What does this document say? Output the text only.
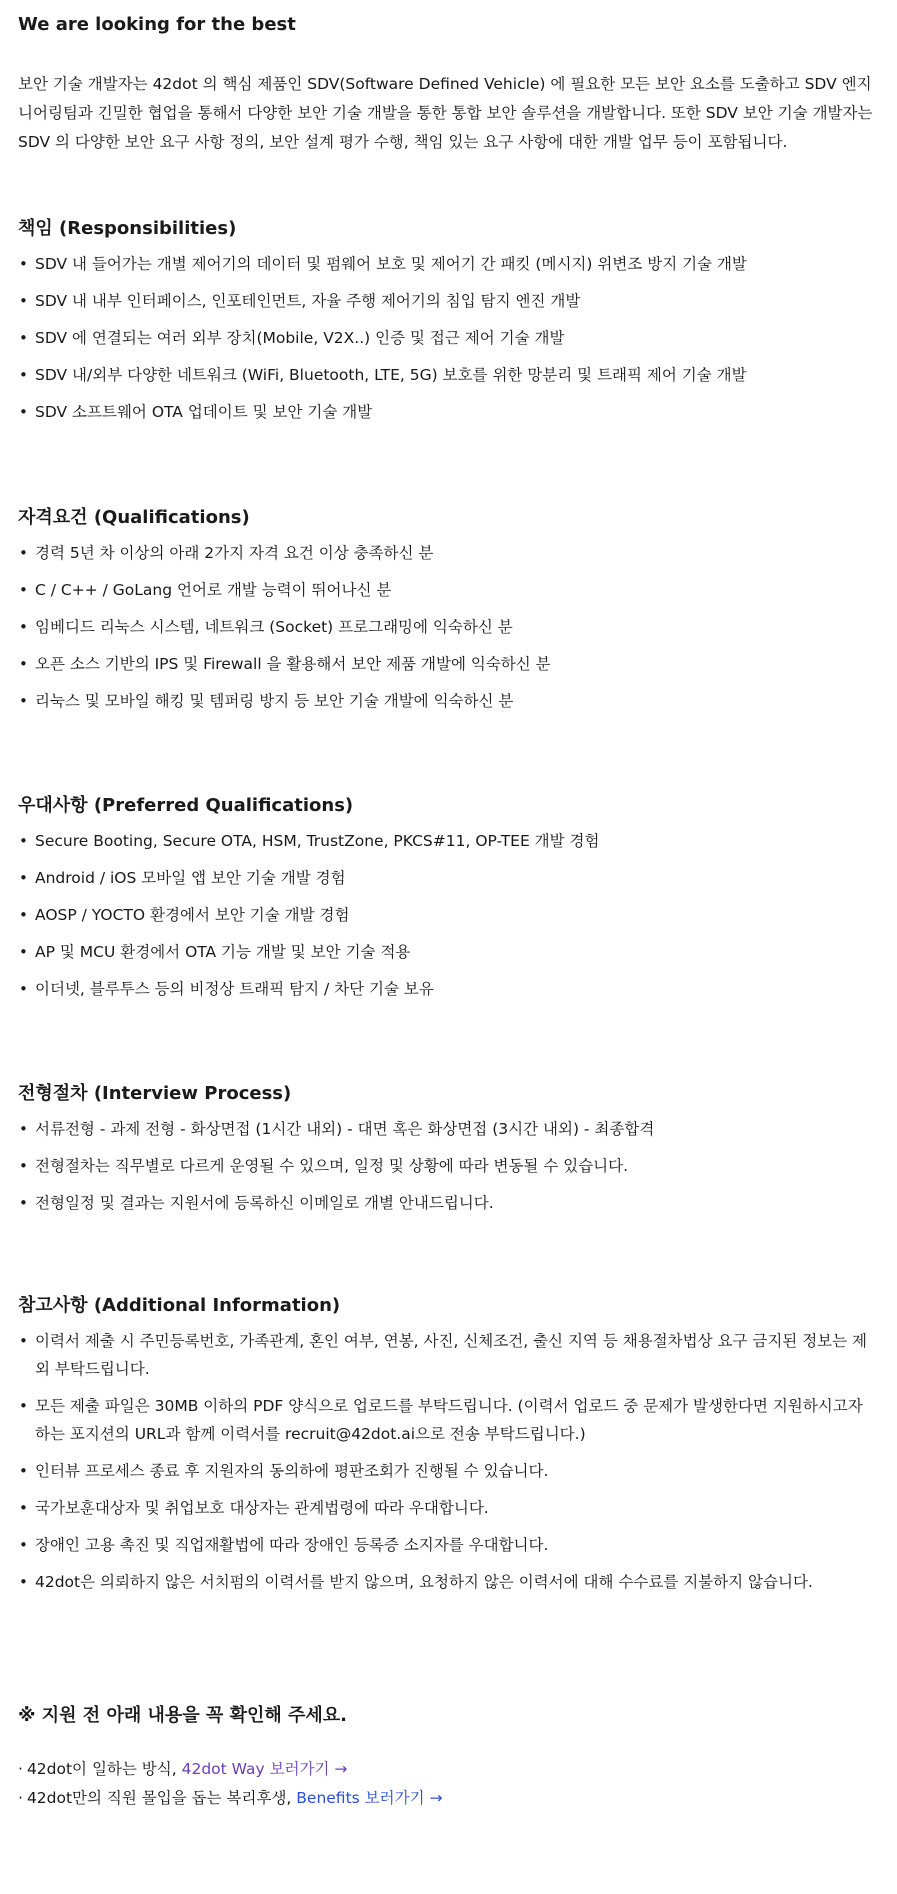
We are looking for the best

보안 기술 개발자는 42dot 의 핵심 제품인 SDV(Software Defined Vehicle) 에 필요한 모든 보안 요소를 도출하고 SDV 엔지니어링팀과 긴밀한 협업을 통해서 다양한 보안 기술 개발을 통한 통합 보안 솔루션을 개발합니다. 또한 SDV 보안 기술 개발자는 SDV 의 다양한 보안 요구 사항 정의, 보안 설계 평가 수행, 책임 있는 요구 사항에 대한 개발 업무 등이 포함됩니다.

책임 (Responsibilities)
• SDV 내 들어가는 개별 제어기의 데이터 및 펌웨어 보호 및 제어기 간 패킷 (메시지) 위변조 방지 기술 개발
• SDV 내 내부 인터페이스, 인포테인먼트, 자율 주행 제어기의 침입 탐지 엔진 개발
• SDV 에 연결되는 여러 외부 장치(Mobile, V2X..) 인증 및 접근 제어 기술 개발
• SDV 내/외부 다양한 네트워크 (WiFi, Bluetooth, LTE, 5G) 보호를 위한 망분리 및 트래픽 제어 기술 개발
• SDV 소프트웨어 OTA 업데이트 및 보안 기술 개발
자격요건 (Qualifications)
• 경력 5년 차 이상의 아래 2가지 자격 요건 이상 충족하신 분
• C / C++ / GoLang 언어로 개발 능력이 뛰어나신 분
• 임베디드 리눅스 시스템, 네트워크 (Socket) 프로그래밍에 익숙하신 분
• 오픈 소스 기반의 IPS 및 Firewall 을 활용해서 보안 제품 개발에 익숙하신 분
• 리눅스 및 모바일 해킹 및 템퍼링 방지 등 보안 기술 개발에 익숙하신 분
우대사항 (Preferred Qualifications)
• Secure Booting, Secure OTA, HSM, TrustZone, PKCS#11, OP-TEE 개발 경험
• Android / iOS 모바일 앱 보안 기술 개발 경험
• AOSP / YOCTO 환경에서 보안 기술 개발 경험
• AP 및 MCU 환경에서 OTA 기능 개발 및 보안 기술 적용
• 이더넷, 블루투스 등의 비정상 트래픽 탐지 / 차단 기술 보유
전형절차 (Interview Process)
• 서류전형 - 과제 전형 - 화상면접 (1시간 내외) - 대면 혹은 화상면접 (3시간 내외) - 최종합격
• 전형절차는 직무별로 다르게 운영될 수 있으며, 일정 및 상황에 따라 변동될 수 있습니다.
• 전형일정 및 결과는 지원서에 등록하신 이메일로 개별 안내드립니다.
참고사항 (Additional Information)
• 이력서 제출 시 주민등록번호, 가족관계, 혼인 여부, 연봉, 사진, 신체조건, 출신 지역 등 채용절차법상 요구 금지된 정보는 제외 부탁드립니다.
• 모든 제출 파일은 30MB 이하의 PDF 양식으로 업로드를 부탁드립니다. (이력서 업로드 중 문제가 발생한다면 지원하시고자 하는 포지션의 URL과 함께 이력서를 recruit@42dot.ai으로 전송 부탁드립니다.)
• 인터뷰 프로세스 종료 후 지원자의 동의하에 평판조회가 진행될 수 있습니다.
• 국가보훈대상자 및 취업보호 대상자는 관계법령에 따라 우대합니다.
• 장애인 고용 촉진 및 직업재활법에 따라 장애인 등록증 소지자를 우대합니다.
• 42dot은 의뢰하지 않은 서치펌의 이력서를 받지 않으며, 요청하지 않은 이력서에 대해 수수료를 지불하지 않습니다.
※ 지원 전 아래 내용을 꼭 확인해 주세요.

· 42dot이 일하는 방식, 42dot Way 보러가기 →

· 42dot만의 직원 몰입을 돕는 복리후생, Benefits 보러가기 →
